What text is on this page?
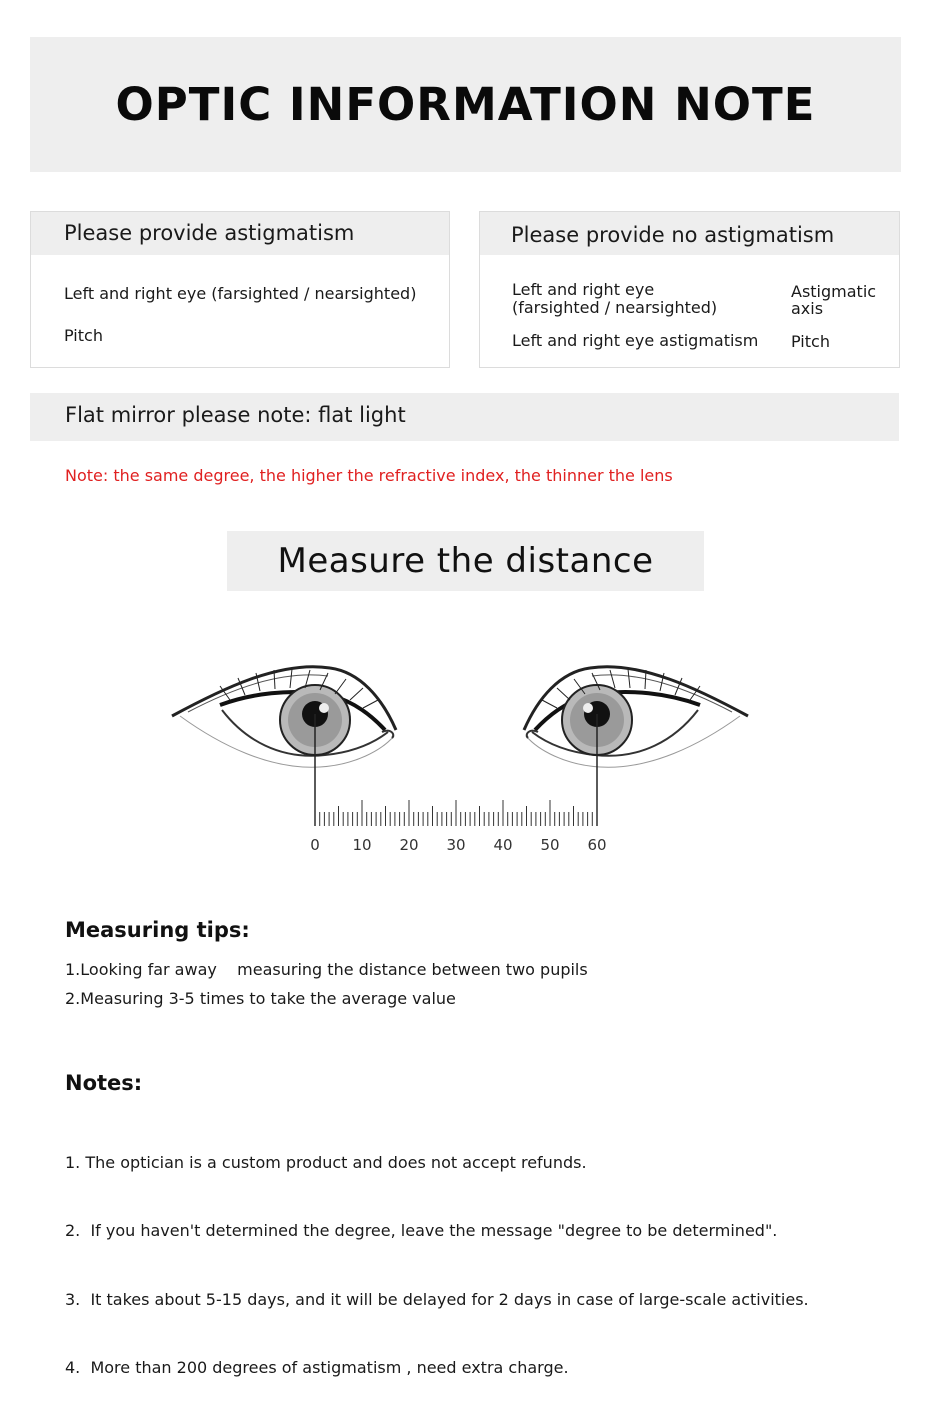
OPTIC INFORMATION NOTE
Please provide astigmatism
Left and right eye (farsighted / nearsighted)
Pitch
Please provide no astigmatism
Left and right eye
(farsighted / nearsighted)
Left and right eye astigmatism
Astigmatic
axis
Pitch
Flat mirror please note: flat light
Note: the same degree, the higher the refractive index, the thinner the lens
Measure the distance
0 10 20 30 40 50 60
Measuring tips:
1.Looking far away    measuring the distance between two pupils
2.Measuring 3-5 times to take the average value
Notes:

1. The optician is a custom product and does not accept refunds.

2.  If you haven't determined the degree, leave the message "degree to be determined".

3.  It takes about 5-15 days, and it will be delayed for 2 days in case of large-scale activities.

4.  More than 200 degrees of astigmatism , need extra charge.
